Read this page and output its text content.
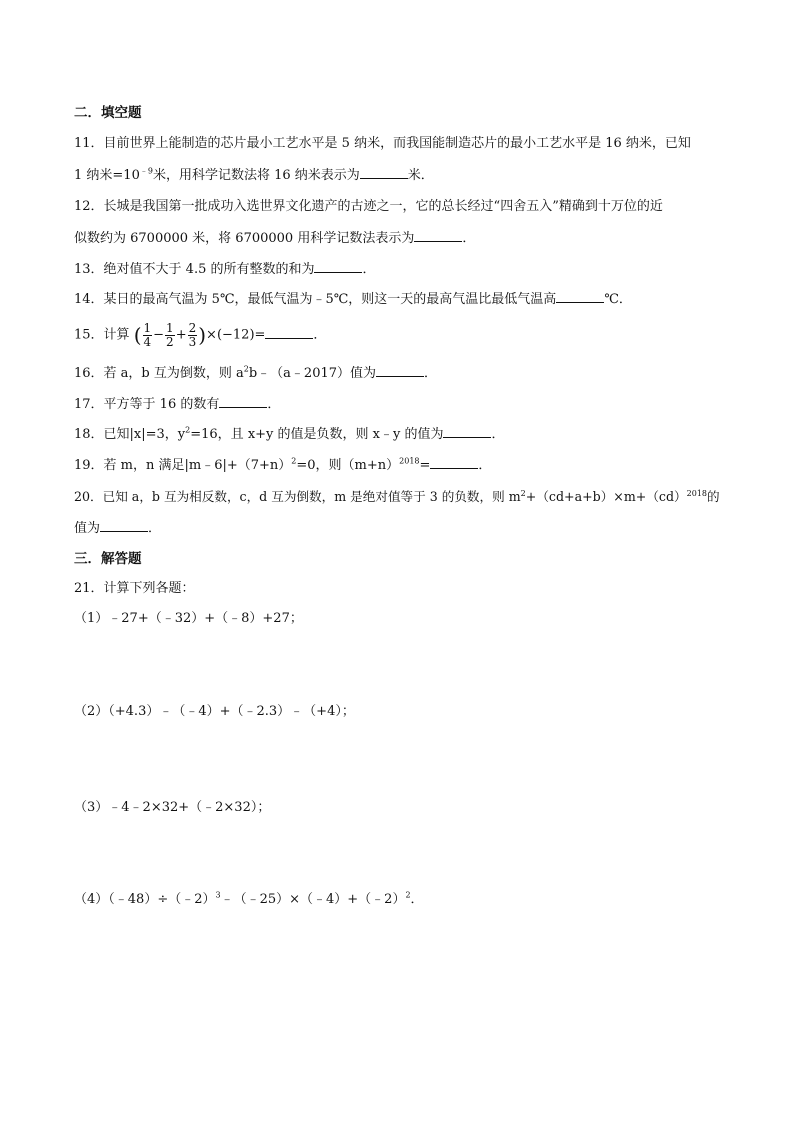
二．填空题
11．目前世界上能制造的芯片最小工艺水平是 5 纳米，而我国能制造芯片的最小工艺水平是 16 纳米，已知
1 纳米$=10^{﹣9}$米，用科学记数法将 16 纳米表示为	米．
12．长城是我国第一批成功入选世界文化遗产的古迹之一，它的总长经过“四舍五入”精确到十万位的近
似数约为 6700000 米，将 6700000 用科学记数法表示为	．
13．绝对值不大于 4.5 的所有整数的和为	．
14．某日的最高气温为 5℃，最低气温为﹣5℃，则这一天的最高气温比最低气温高	℃．
15．计算 ( $\frac{1}{4} - \frac{1}{2} + \frac{2}{3} )\times(-12)=$	．
16．若 a，b 互为倒数，则 $a^2b﹣(a﹣2017)$值为	．
17．平方等于 16 的数有	．
18．已知|x|=3，$y^2=16$，且 x+y 的值是负数，则 x﹣y 的值为	．
19．若 m，n 满足$|m﹣6|+(7+n)^2=0$，则$(m+n)^{2018}=$	．
20．已知 a，b 互为相反数，c，d 互为倒数，m 是绝对值等于 3 的负数，则 $m^2+(cd+a+b)\times m+(cd)^{2018}$的
值为	．
三．解答题
21．计算下列各题：
（1）﹣27+（﹣32）+（﹣8）+27；
（2）（+4.3）﹣（﹣4）+（﹣2.3）﹣（+4）；
（3）﹣4﹣2×32+（﹣2×32）；
（4）（﹣48）÷（﹣2）$^3$﹣（﹣25）×（﹣4）+（﹣2）$^2$．
